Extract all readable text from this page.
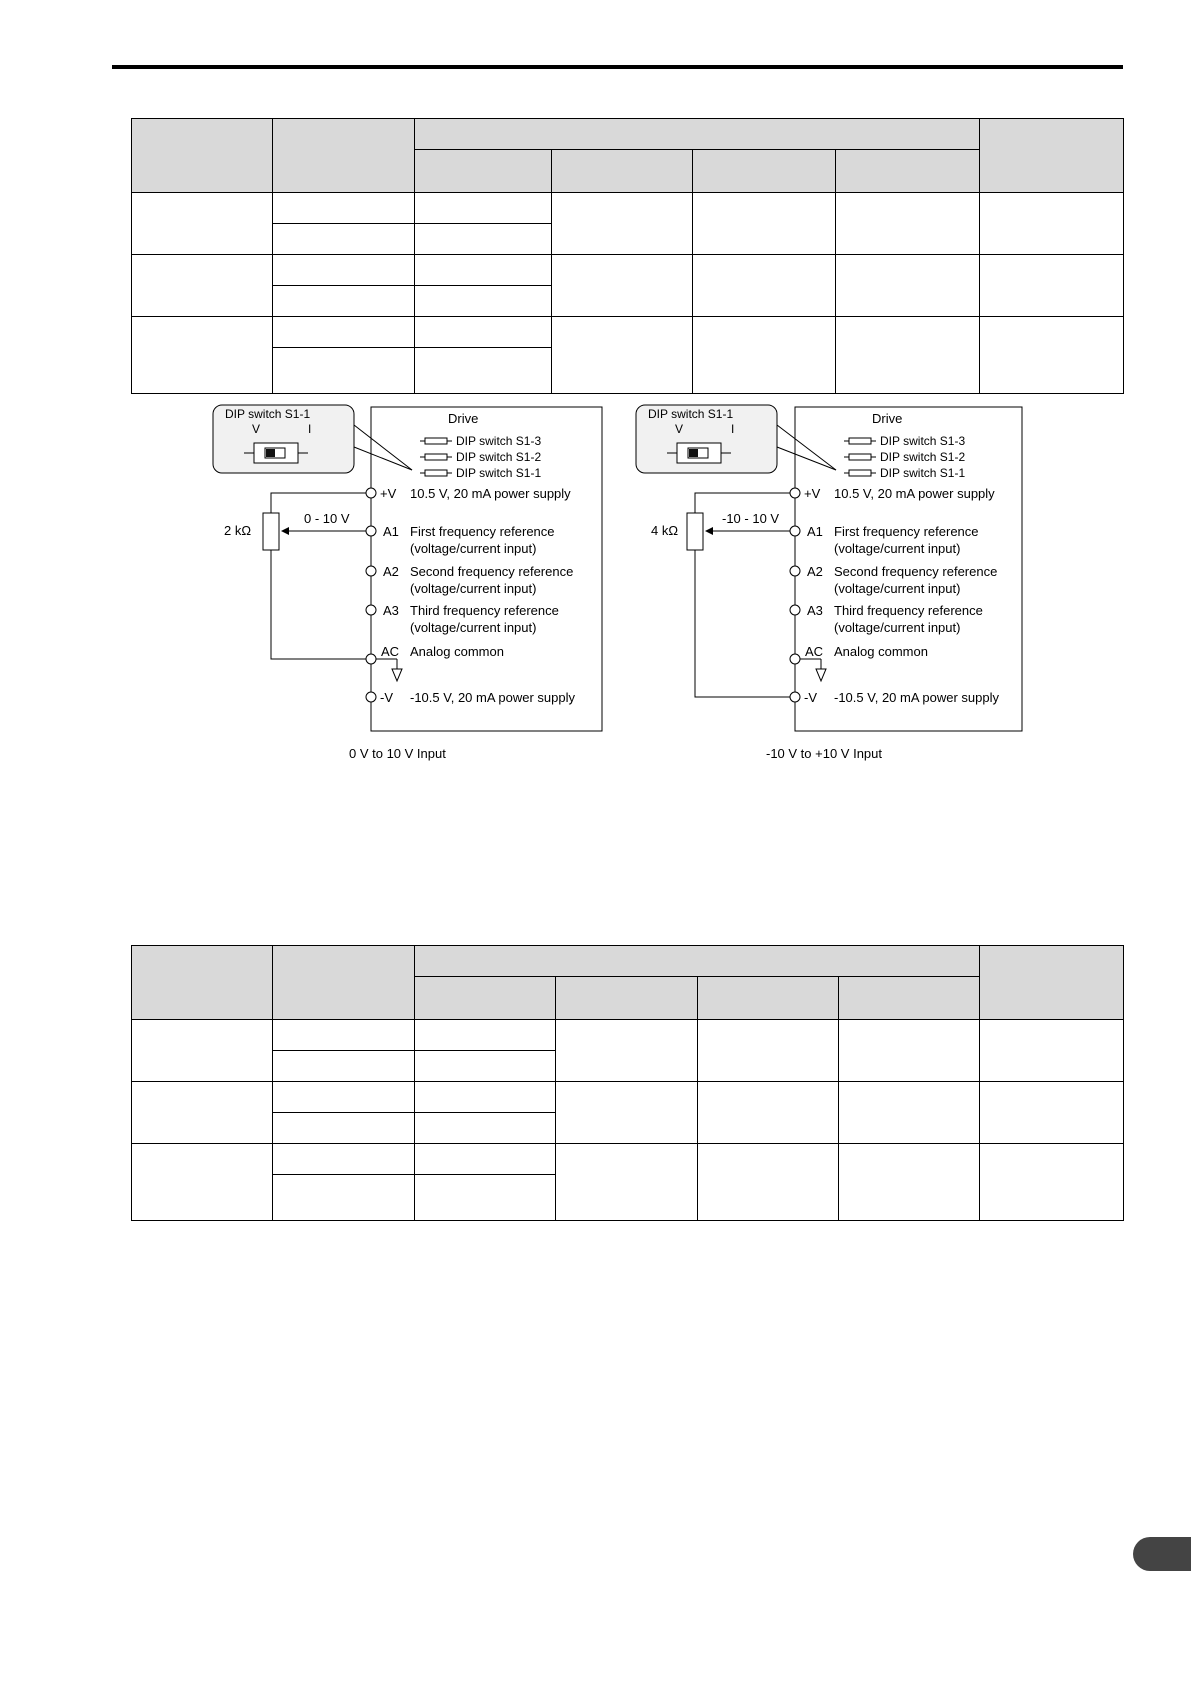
Drive
DIP switch S1-1
V	I
DIP switch S1-3
DIP switch S1-2
DIP switch S1-1
+V 10.5 V, 20 mA power supply
A1 First frequency reference
(voltage/current input)
A2 Second frequency reference
(voltage/current input)
A3 Third frequency reference
(voltage/current input)
AC Analog common
-V -10.5 V, 20 mA power supply
2 kΩ
0 - 10 V
0 V to 10 V Input
Drive
DIP switch S1-1
V	I
DIP switch S1-3
DIP switch S1-2
DIP switch S1-1
+V 10.5 V, 20 mA power supply
A1 First frequency reference
(voltage/current input)
A2 Second frequency reference
(voltage/current input)
A3 Third frequency reference
(voltage/current input)
AC Analog common
-V -10.5 V, 20 mA power supply
4 kΩ
-10 - 10 V
-10 V to +10 V Input
